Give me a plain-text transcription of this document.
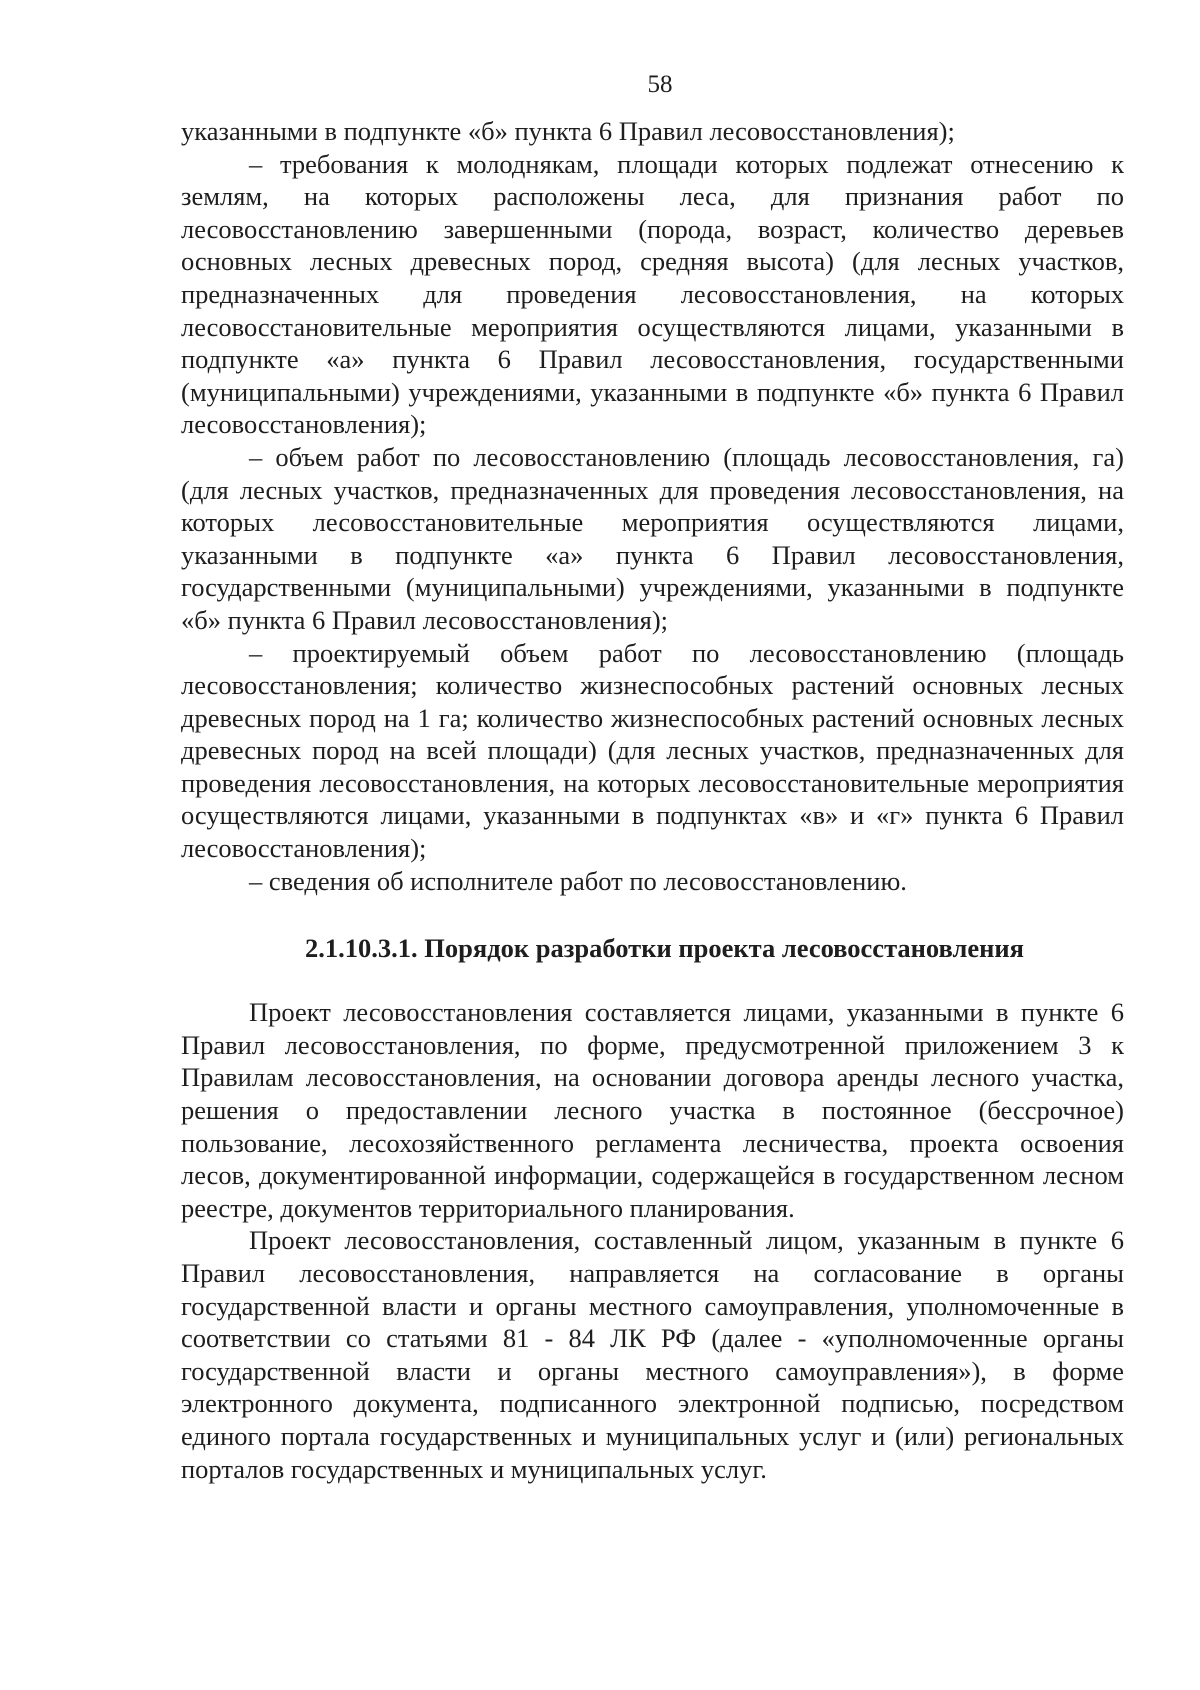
58

указанными в подпункте «б» пункта 6 Правил лесовосстановления);

– требования к молоднякам, площади которых подлежат отнесению к землям, на которых расположены леса, для признания работ по лесовосстановлению завершенными (порода, возраст, количество деревьев основных лесных древесных пород, средняя высота) (для лесных участков, предназначенных для проведения лесовосстановления, на которых лесовосстановительные мероприятия осуществляются лицами, указанными в подпункте «а» пункта 6 Правил лесовосстановления, государственными (муниципальными) учреждениями, указанными в подпункте «б» пункта 6 Правил лесовосстановления);

– объем работ по лесовосстановлению (площадь лесовосстановления, га) (для лесных участков, предназначенных для проведения лесовосстановления, на которых лесовосстановительные мероприятия осуществляются лицами, указанными в подпункте «а» пункта 6 Правил лесовосстановления, государственными (муниципальными) учреждениями, указанными в подпункте «б» пункта 6 Правил лесовосстановления);

– проектируемый объем работ по лесовосстановлению (площадь лесовосстановления; количество жизнеспособных растений основных лесных древесных пород на 1 га; количество жизнеспособных растений основных лесных древесных пород на всей площади) (для лесных участков, предназначенных для проведения лесовосстановления, на которых лесовосстановительные мероприятия осуществляются лицами, указанными в подпунктах «в» и «г» пункта 6 Правил лесовосстановления);

– сведения об исполнителе работ по лесовосстановлению.

2.1.10.3.1. Порядок разработки проекта лесовосстановления

Проект лесовосстановления составляется лицами, указанными в пункте 6 Правил лесовосстановления, по форме, предусмотренной приложением 3 к Правилам лесовосстановления, на основании договора аренды лесного участка, решения о предоставлении лесного участка в постоянное (бессрочное) пользование, лесохозяйственного регламента лесничества, проекта освоения лесов, документированной информации, содержащейся в государственном лесном реестре, документов территориального планирования.

Проект лесовосстановления, составленный лицом, указанным в пункте 6 Правил лесовосстановления, направляется на согласование в органы государственной власти и органы местного самоуправления, уполномоченные в соответствии со статьями 81 - 84 ЛК РФ (далее - «уполномоченные органы государственной власти и органы местного самоуправления»), в форме электронного документа, подписанного электронной подписью, посредством единого портала государственных и муниципальных услуг и (или) региональных порталов государственных и муниципальных услуг.
